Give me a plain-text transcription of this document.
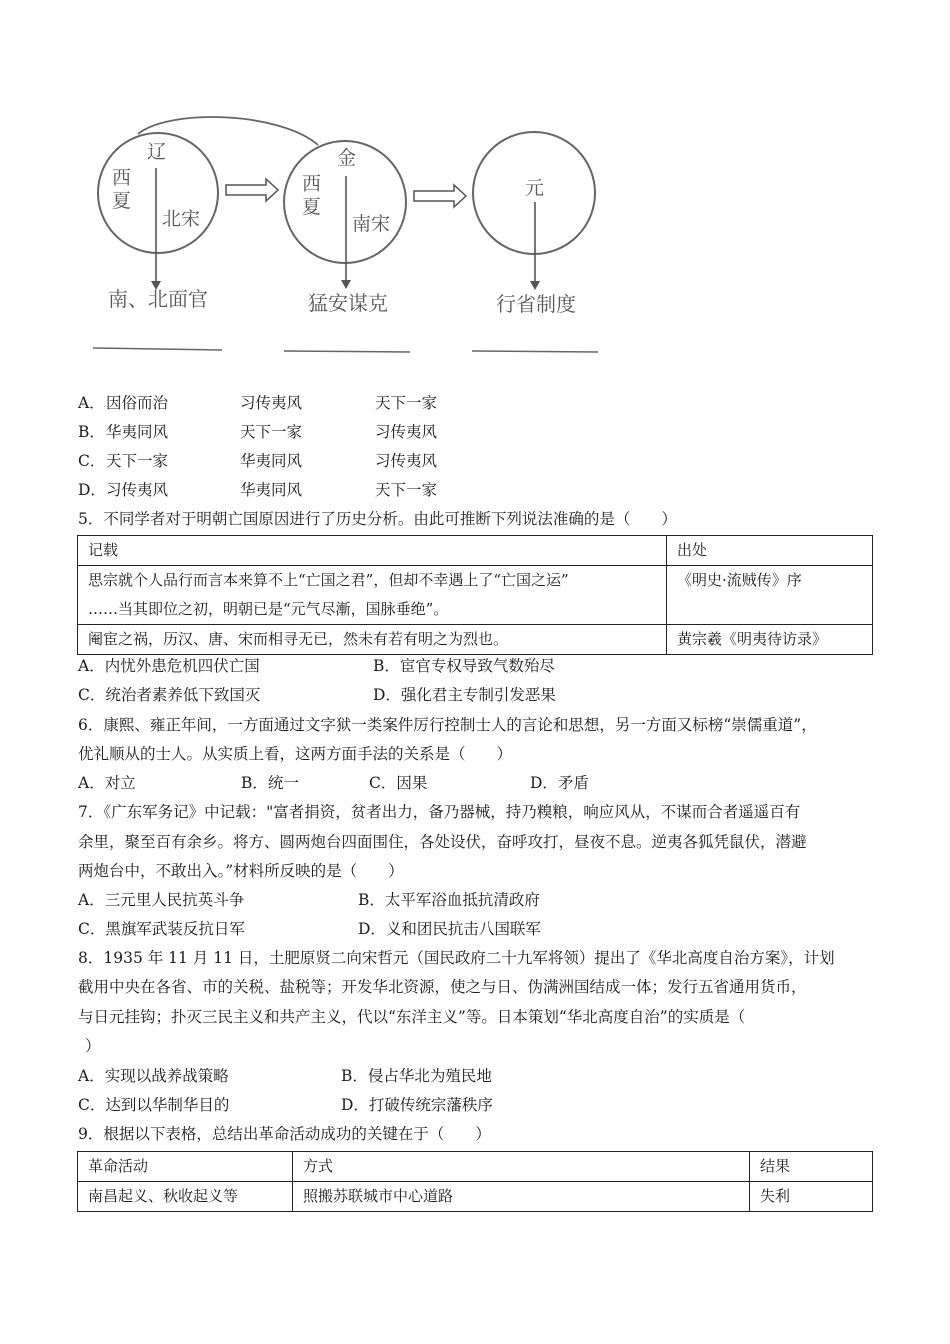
辽
西
夏
北宋
南、北面官
金
西
夏
南宋
猛安谋克
元
行省制度
A． 因俗而治	习传夷风	天下一家
B． 华夷同风	天下一家	习传夷风
C． 天下一家	华夷同风	习传夷风
D． 习传夷风	华夷同风	天下一家
5．不同学者对于明朝亡国原因进行了历史分析。由此可推断下列说法准确的是（　　）
记载	出处

思宗就个人品行而言本来算不上“亡国之君”，但却不幸遇上了“亡国之运”
……当其即位之初，明朝已是“元气尽漸，国脉垂绝”。	《明史·流贼传》序
阉宦之祸，历汉、唐、宋而相寻无已，然未有若有明之为烈也。	黄宗羲《明夷待访录》
A．内忧外患危机四伏亡国	B．宦官专权导致气数殆尽
C．统治者素养低下致国灭	D．强化君主专制引发恶果
6．康熙、雍正年间，一方面通过文字狱一类案件厉行控制士人的言论和思想，另一方面又标榜“崇儒重道”，
优礼顺从的士人。从实质上看，这两方面手法的关系是（　　）
A．对立	B．统一	C．因果	D．矛盾
7．《广东军务记》中记载："富者捐资，贫者出力，备乃器械，持乃糗粮，响应风从，不谋而合者遥遥百有
余里，聚至百有余乡。将方、圆两炮台四面围住，各处设伏，奋呼攻打，昼夜不息。逆夷各狐凭鼠伏，潜避
两炮台中，不敢出入。”材料所反映的是（　　）
A．三元里人民抗英斗争	B．太平军浴血抵抗清政府
C．黑旗军武装反抗日军	D．义和团民抗击八国联军
8．1935 年 11 月 11 日，土肥原贤二向宋哲元（国民政府二十九军将领）提出了《华北高度自治方案》，计划
截用中央在各省、市的关税、盐税等；开发华北资源，使之与日、伪满洲国结成一体；发行五省通用货币，
与日元挂钩；扑灭三民主义和共产主义，代以“东洋主义”等。日本策划“华北高度自治”的实质是（
）
A．实现以战养战策略	B．侵占华北为殖民地
C．达到以华制华目的	D．打破传统宗藩秩序
9．根据以下表格，总结出革命活动成功的关键在于（　　）
革命活动	方式	结果
南昌起义、秋收起义等	照搬苏联城市中心道路	失利
